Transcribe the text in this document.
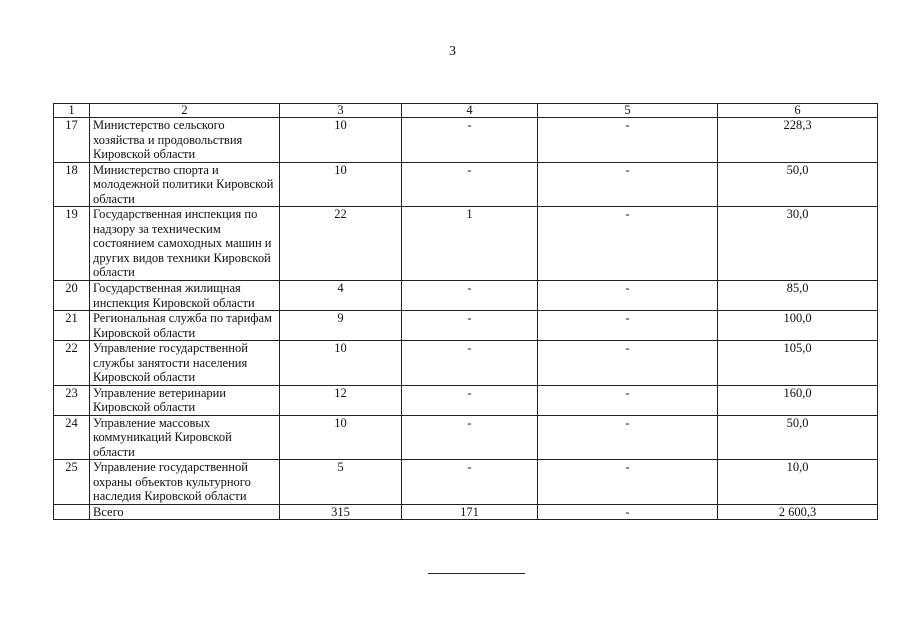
3
1	2	3	4	5	6
17	Министерство сельского хозяйства и продовольствия Кировской области	10	-	-	228,3
18	Министерство спорта и молодежной политики Кировской области	10	-	-	50,0
19	Государственная инспекция по надзору за техническим состоянием самоходных машин и других видов техники Кировской области	22	1	-	30,0
20	Государственная жилищная инспекция Кировской области	4	-	-	85,0
21	Региональная служба по тарифам Кировской области	9	-	-	100,0
22	Управление государственной службы занятости населения Кировской области	10	-	-	105,0
23	Управление ветеринарии Кировской области	12	-	-	160,0
24	Управление массовых коммуникаций Кировской области	10	-	-	50,0
25	Управление государственной охраны объектов культурного наследия Кировской области	5	-	-	10,0
	Всего	315	171	-	2 600,3
